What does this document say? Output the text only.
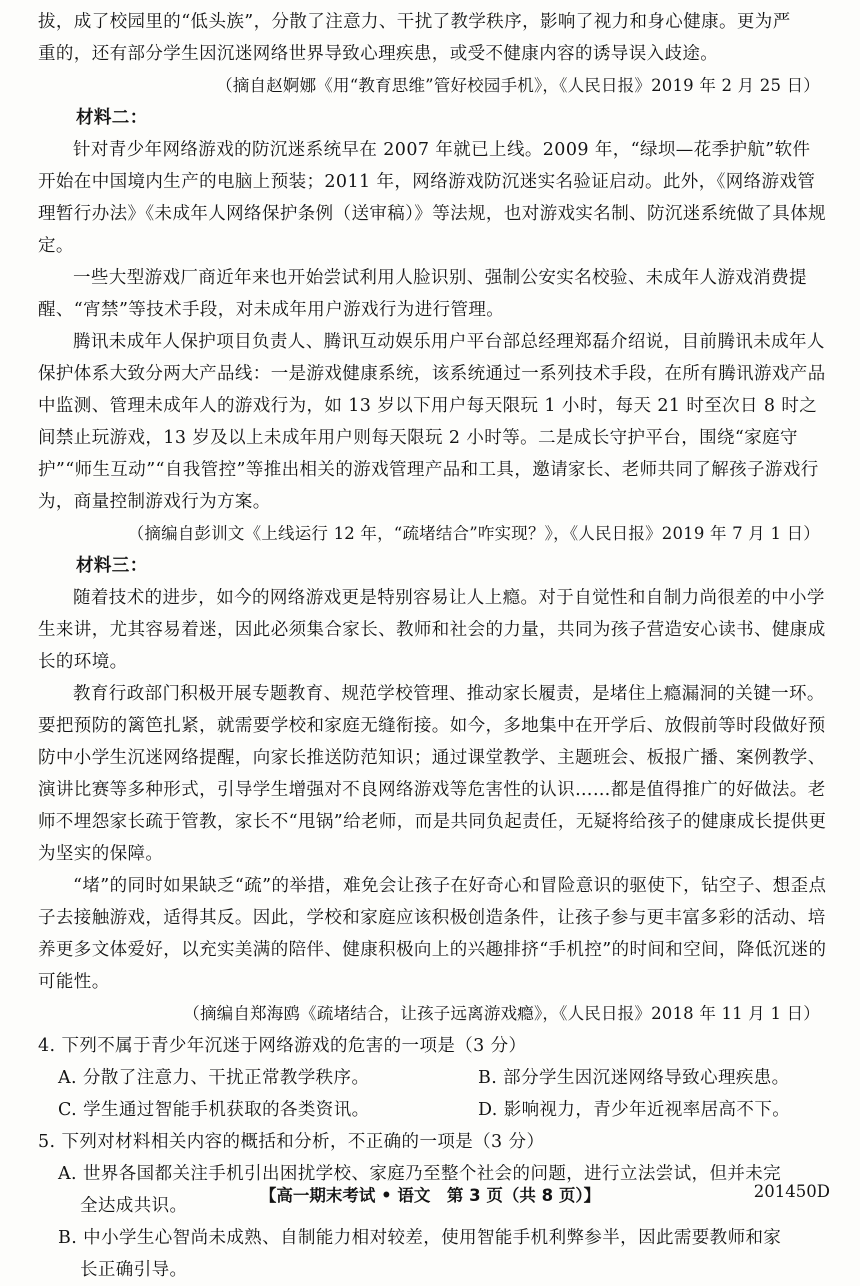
拔，成了校园里的“低头族”，分散了注意力、干扰了教学秩序，影响了视力和身心健康。更为严

重的，还有部分学生因沉迷网络世界导致心理疾患，或受不健康内容的诱导误入歧途。

（摘自赵婀娜《用“教育思维”管好校园手机》，《人民日报》2019 年 2 月 25 日）

材料二：

针对青少年网络游戏的防沉迷系统早在 2007 年就已上线。2009 年，“绿坝—花季护航”软件开始在中国境内生产的电脑上预装；2011 年，网络游戏防沉迷实名验证启动。此外，《网络游戏管理暂行办法》《未成年人网络保护条例（送审稿）》等法规，也对游戏实名制、防沉迷系统做了具体规定。

一些大型游戏厂商近年来也开始尝试利用人脸识别、强制公安实名校验、未成年人游戏消费提醒、“宵禁”等技术手段，对未成年用户游戏行为进行管理。

腾讯未成年人保护项目负责人、腾讯互动娱乐用户平台部总经理郑磊介绍说，目前腾讯未成年人保护体系大致分两大产品线：一是游戏健康系统，该系统通过一系列技术手段，在所有腾讯游戏产品中监测、管理未成年人的游戏行为，如 13 岁以下用户每天限玩 1 小时，每天 21 时至次日 8 时之间禁止玩游戏，13 岁及以上未成年用户则每天限玩 2 小时等。二是成长守护平台，围绕“家庭守护”“师生互动”“自我管控”等推出相关的游戏管理产品和工具，邀请家长、老师共同了解孩子游戏行为，商量控制游戏行为方案。

（摘编自彭训文《上线运行 12 年，“疏堵结合”咋实现？》，《人民日报》2019 年 7 月 1 日）

材料三：

随着技术的进步，如今的网络游戏更是特别容易让人上瘾。对于自觉性和自制力尚很差的中小学生来讲，尤其容易着迷，因此必须集合家长、教师和社会的力量，共同为孩子营造安心读书、健康成长的环境。

教育行政部门积极开展专题教育、规范学校管理、推动家长履责，是堵住上瘾漏洞的关键一环。要把预防的篱笆扎紧，就需要学校和家庭无缝衔接。如今，多地集中在开学后、放假前等时段做好预防中小学生沉迷网络提醒，向家长推送防范知识；通过课堂教学、主题班会、板报广播、案例教学、演讲比赛等多种形式，引导学生增强对不良网络游戏等危害性的认识……都是值得推广的好做法。老师不埋怨家长疏于管教，家长不“甩锅”给老师，而是共同负起责任，无疑将给孩子的健康成长提供更为坚实的保障。

“堵”的同时如果缺乏“疏”的举措，难免会让孩子在好奇心和冒险意识的驱使下，钻空子、想歪点子去接触游戏，适得其反。因此，学校和家庭应该积极创造条件，让孩子参与更丰富多彩的活动、培养更多文体爱好，以充实美满的陪伴、健康积极向上的兴趣排挤“手机控”的时间和空间，降低沉迷的可能性。

（摘编自郑海鸥《疏堵结合，让孩子远离游戏瘾》，《人民日报》2018 年 11 月 1 日）

4. 下列不属于青少年沉迷于网络游戏的危害的一项是（3 分）

A. 分散了注意力、干扰正常教学秩序。	B. 部分学生因沉迷网络导致心理疾患。

C. 学生通过智能手机获取的各类资讯。	D. 影响视力，青少年近视率居高不下。

5. 下列对材料相关内容的概括和分析，不正确的一项是（3 分）

A. 世界各国都关注手机引出困扰学校、家庭乃至整个社会的问题，进行立法尝试，但并未完

全达成共识。

B. 中小学生心智尚未成熟、自制能力相对较差，使用智能手机利弊参半，因此需要教师和家

长正确引导。

【高一期末考试 • 语文　第 3 页（共 8 页）】	201450D
